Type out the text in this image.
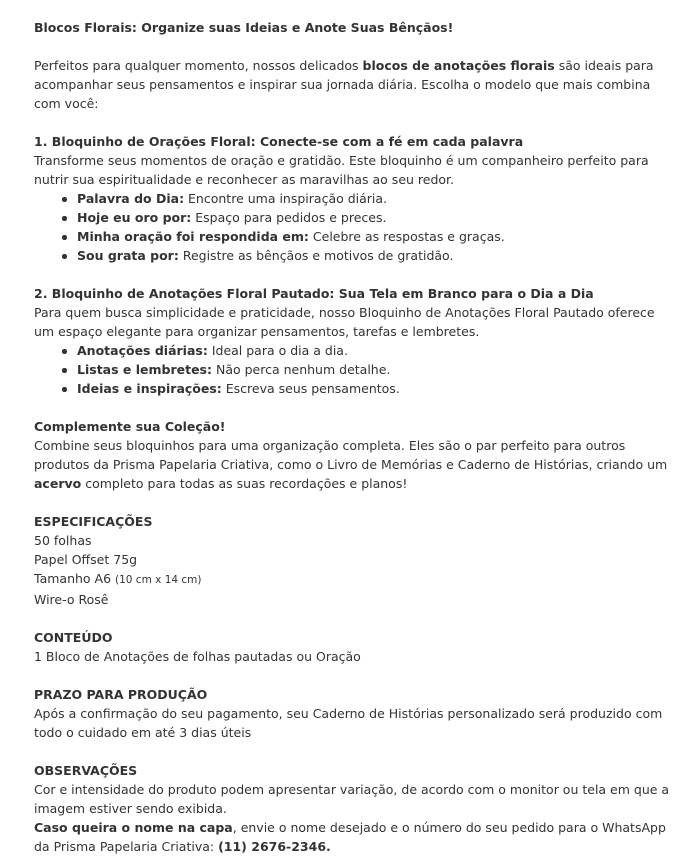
Blocos Florais: Organize suas Ideias e Anote Suas Bênçãos!

Perfeitos para qualquer momento, nossos delicados blocos de anotações florais são ideais para acompanhar seus pensamentos e inspirar sua jornada diária. Escolha o modelo que mais combina com você:

1. Bloquinho de Orações Floral: Conecte-se com a fé em cada palavra

Transforme seus momentos de oração e gratidão. Este bloquinho é um companheiro perfeito para nutrir sua espiritualidade e reconhecer as maravilhas ao seu redor.

Palavra do Dia: Encontre uma inspiração diária.
Hoje eu oro por: Espaço para pedidos e preces.
Minha oração foi respondida em: Celebre as respostas e graças.
Sou grata por: Registre as bênçãos e motivos de gratidão.

2. Bloquinho de Anotações Floral Pautado: Sua Tela em Branco para o Dia a Dia

Para quem busca simplicidade e praticidade, nosso Bloquinho de Anotações Floral Pautado oferece um espaço elegante para organizar pensamentos, tarefas e lembretes.

Anotações diárias: Ideal para o dia a dia.
Listas e lembretes: Não perca nenhum detalhe.
Ideias e inspirações: Escreva seus pensamentos.

Complemente sua Coleção!

Combine seus bloquinhos para uma organização completa. Eles são o par perfeito para outros produtos da Prisma Papelaria Criativa, como o Livro de Memórias e Caderno de Histórias, criando um acervo completo para todas as suas recordações e planos!

ESPECIFICAÇÕES

50 folhas

Papel Offset 75g

Tamanho A6 (10 cm x 14 cm)

Wire-o Rosê

CONTEÚDO

1 Bloco de Anotações de folhas pautadas ou Oração

PRAZO PARA PRODUÇÃO

Após a confirmação do seu pagamento, seu Caderno de Histórias personalizado será produzido com todo o cuidado em até 3 dias úteis

OBSERVAÇÕES

Cor e intensidade do produto podem apresentar variação, de acordo com o monitor ou tela em que a imagem estiver sendo exibida.

Caso queira o nome na capa, envie o nome desejado e o número do seu pedido para o WhatsApp da Prisma Papelaria Criativa: (11) 2676-2346.
